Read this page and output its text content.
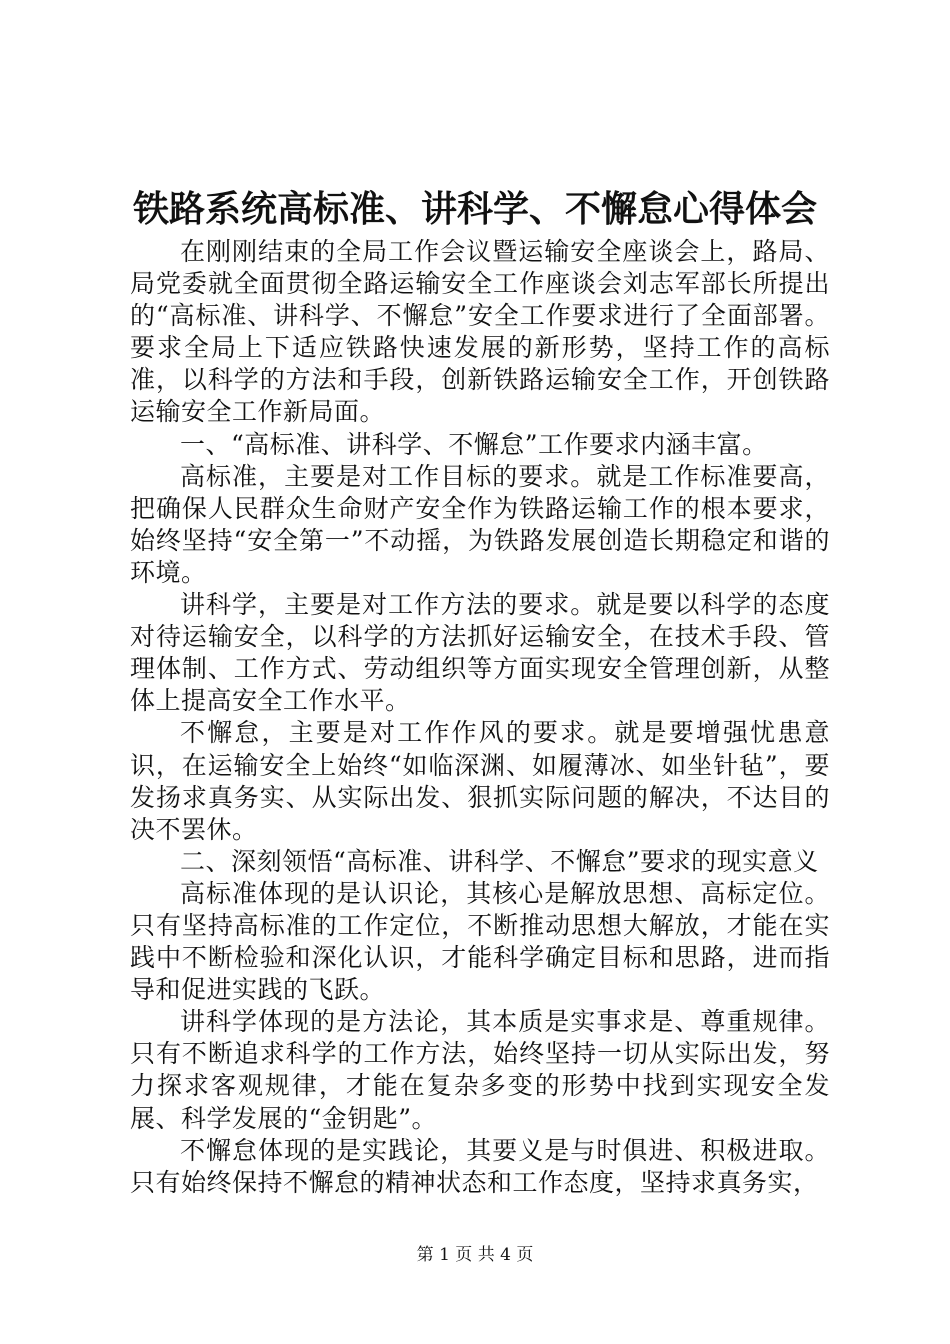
铁路系统高标准、讲科学、不懈怠心得体会

在刚刚结束的全局工作会议暨运输安全座谈会上，路局、局党委就全面贯彻全路运输安全工作座谈会刘志军部长所提出的“高标准、讲科学、不懈怠”安全工作要求进行了全面部署。要求全局上下适应铁路快速发展的新形势，坚持工作的高标准，以科学的方法和手段，创新铁路运输安全工作，开创铁路运输安全工作新局面。

一、“高标准、讲科学、不懈怠”工作要求内涵丰富。

高标准，主要是对工作目标的要求。就是工作标准要高，把确保人民群众生命财产安全作为铁路运输工作的根本要求，始终坚持“安全第一”不动摇，为铁路发展创造长期稳定和谐的环境。

讲科学，主要是对工作方法的要求。就是要以科学的态度对待运输安全，以科学的方法抓好运输安全，在技术手段、管理体制、工作方式、劳动组织等方面实现安全管理创新，从整体上提高安全工作水平。

不懈怠，主要是对工作作风的要求。就是要增强忧患意识，在运输安全上始终“如临深渊、如履薄冰、如坐针毡”，要发扬求真务实、从实际出发、狠抓实际问题的解决，不达目的决不罢休。

二、深刻领悟“高标准、讲科学、不懈怠”要求的现实意义

高标准体现的是认识论，其核心是解放思想、高标定位。只有坚持高标准的工作定位，不断推动思想大解放，才能在实践中不断检验和深化认识，才能科学确定目标和思路，进而指导和促进实践的飞跃。

讲科学体现的是方法论，其本质是实事求是、尊重规律。只有不断追求科学的工作方法，始终坚持一切从实际出发，努力探求客观规律，才能在复杂多变的形势中找到实现安全发展、科学发展的“金钥匙”。

不懈怠体现的是实践论，其要义是与时俱进、积极进取。只有始终保持不懈怠的精神状态和工作态度，坚持求真务实，

第 1 页 共 4 页
